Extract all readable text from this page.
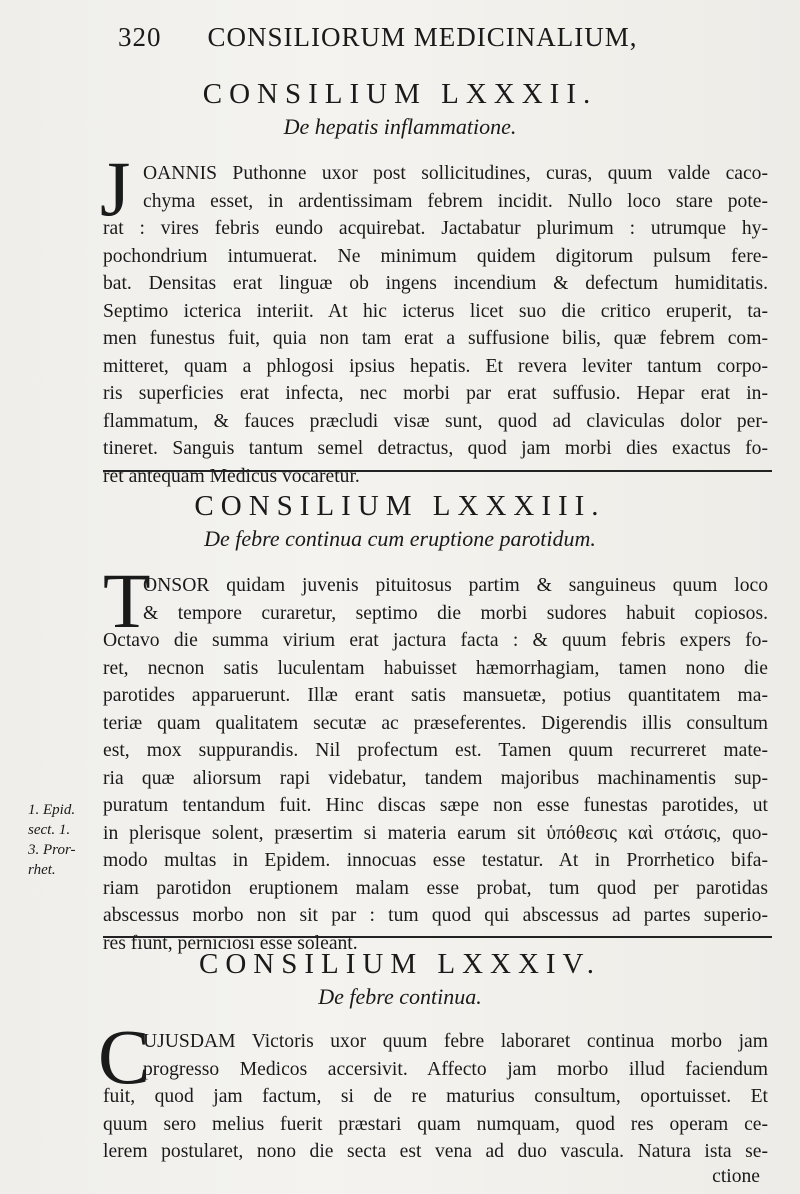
320 CONSILIORUM MEDICINALIUM,
CONSILIUM LXXXII.
De hepatis inflammatione.
J OANNIS Puthonne uxor post sollicitudines, curas, quum valde caco-
chyma esset, in ardentissimam febrem incidit. Nullo loco stare pote-
rat : vires febris eundo acquirebat. Jactabatur plurimum : utrumque hy-
pochondrium intumuerat. Ne minimum quidem digitorum pulsum fere-
bat. Densitas erat linguæ ob ingens incendium & defectum humiditatis.
Septimo icterica interiit. At hic icterus licet suo die critico eruperit, ta-
men funestus fuit, quia non tam erat a suffusione bilis, quæ febrem com-
mitteret, quam a phlogosi ipsius hepatis. Et revera leviter tantum corpo-
ris superficies erat infecta, nec morbi par erat suffusio. Hepar erat in-
flammatum, & fauces præcludi visæ sunt, quod ad claviculas dolor per-
tineret. Sanguis tantum semel detractus, quod jam morbi dies exactus fo-
ret antequam Medicus vocaretur.
CONSILIUM LXXXIII.
De febre continua cum eruptione parotidum.
T
ONSOR quidam juvenis pituitosus partim & sanguineus quum loco
& tempore curaretur, septimo die morbi sudores habuit copiosos.
Octavo die summa virium erat jactura facta : & quum febris expers fo-
ret, necnon satis luculentam habuisset hæmorrhagiam, tamen nono die
parotides apparuerunt. Illæ erant satis mansuetæ, potius quantitatem ma-
teriæ quam qualitatem secutæ ac præseferentes. Digerendis illis consultum
est, mox suppurandis. Nil profectum est. Tamen quum recurreret mate-
ria quæ aliorsum rapi videbatur, tandem majoribus machinamentis sup-
puratum tentandum fuit. Hinc discas sæpe non esse funestas parotides, ut
in plerisque solent, præsertim si materia earum sit ὑπόθεσις καὶ στάσις, quo-
modo multas in Epidem. innocuas esse testatur. At in Prorrhetico bifa-
riam parotidon eruptionem malam esse probat, tum quod per parotidas
abscessus morbo non sit par : tum quod qui abscessus ad partes superio-
res fiunt, perniciosi esse soleant.
1. Epid.
sect. 1.
3. Pror-
rhet.
CONSILIUM LXXXIV.
De febre continua.
C
UJUSDAM Victoris uxor quum febre laboraret continua morbo jam
progresso Medicos accersivit. Affecto jam morbo illud faciendum
fuit, quod jam factum, si de re maturius consultum, oportuisset. Et
quum sero melius fuerit præstari quam numquam, quod res operam ce-
lerem postularet, nono die secta est vena ad duo vascula. Natura ista se-
ctione
